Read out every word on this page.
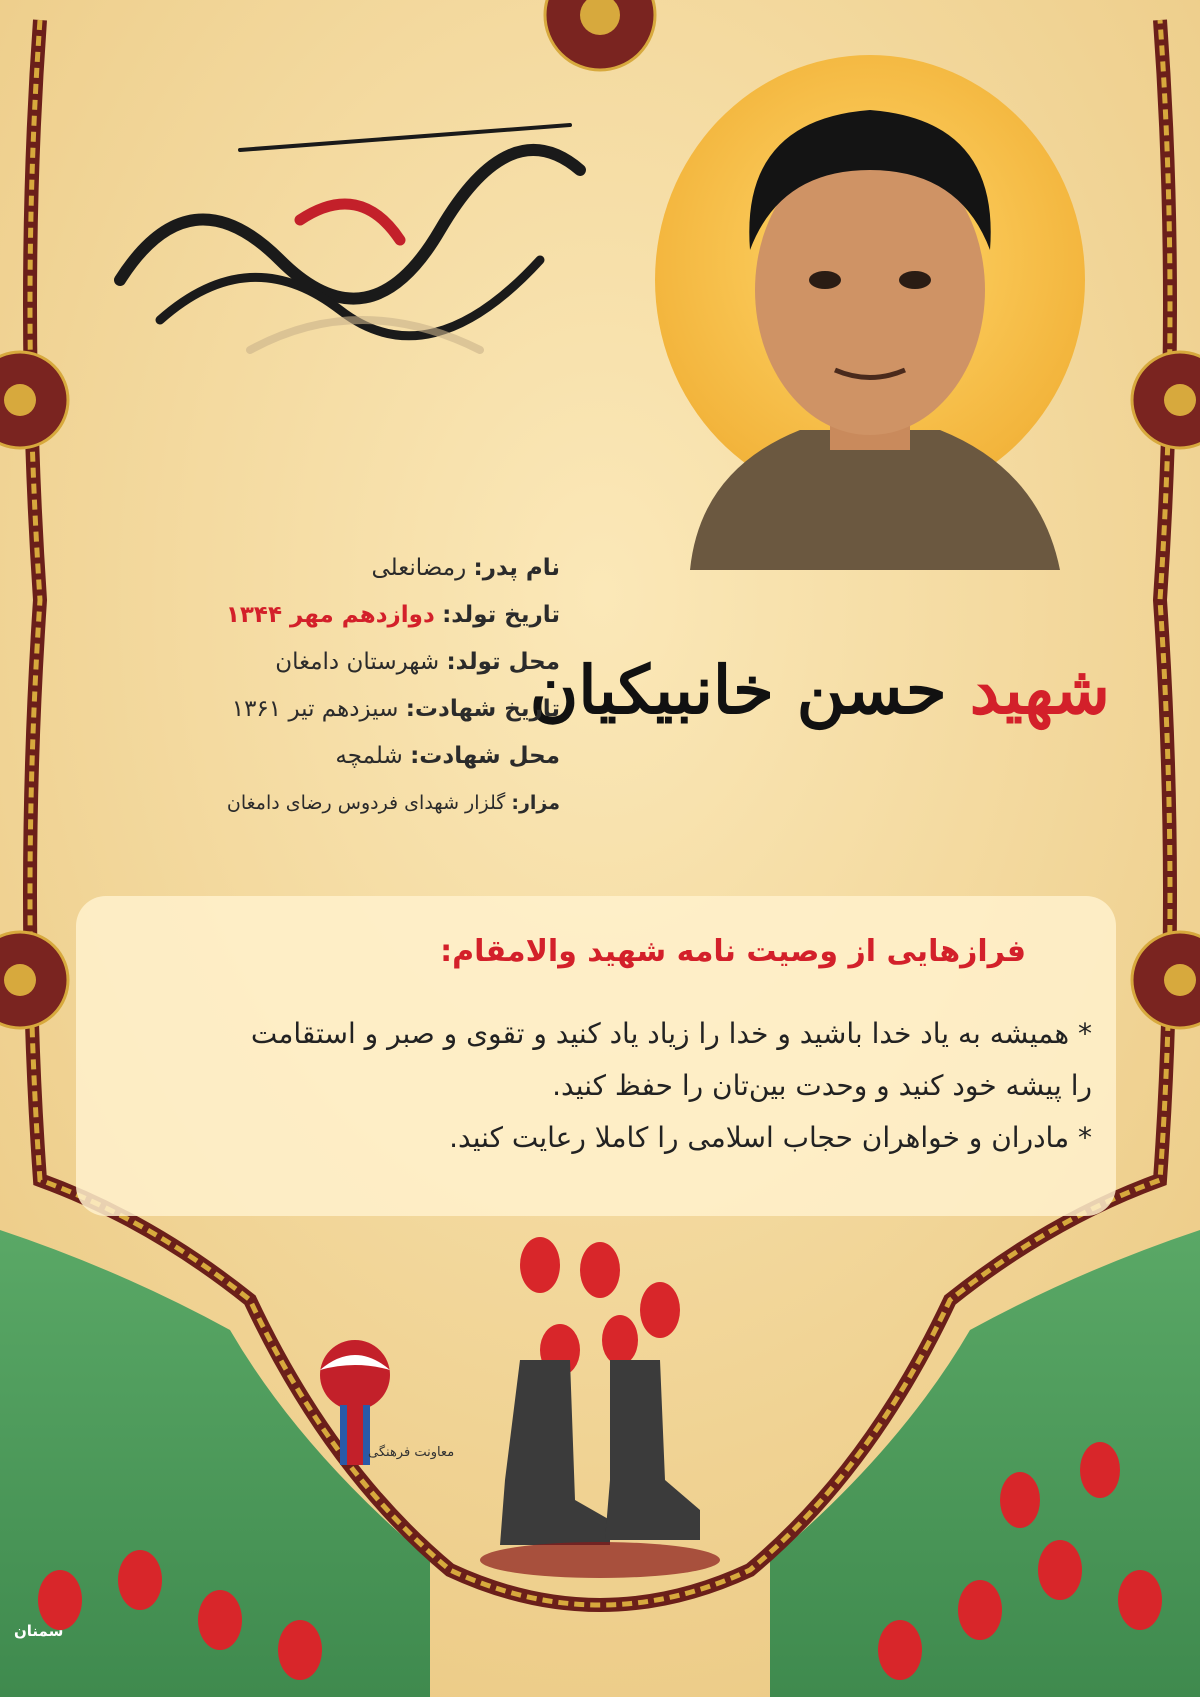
شهید حسن خانبیکیان
نام پدر: رمضانعلی
تاریخ تولد: دوازدهم مهر ۱۳۴۴
محل تولد: شهرستان دامغان
تاریخ شهادت: سیزدهم تیر ۱۳۶۱
محل شهادت: شلمچه
مزار: گلزار شهدای فردوس رضای دامغان
فرازهایی از وصیت نامه شهید والامقام:
* همیشه به یاد خدا باشید و خدا را زیاد یاد کنید و تقوی و صبر و استقامت
را پیشه خود کنید و وحدت بین‌تان را حفظ کنید.
* مادران و خواهران حجاب اسلامی را کاملا رعایت کنید.
معاونت فرهنگی
سمنان
